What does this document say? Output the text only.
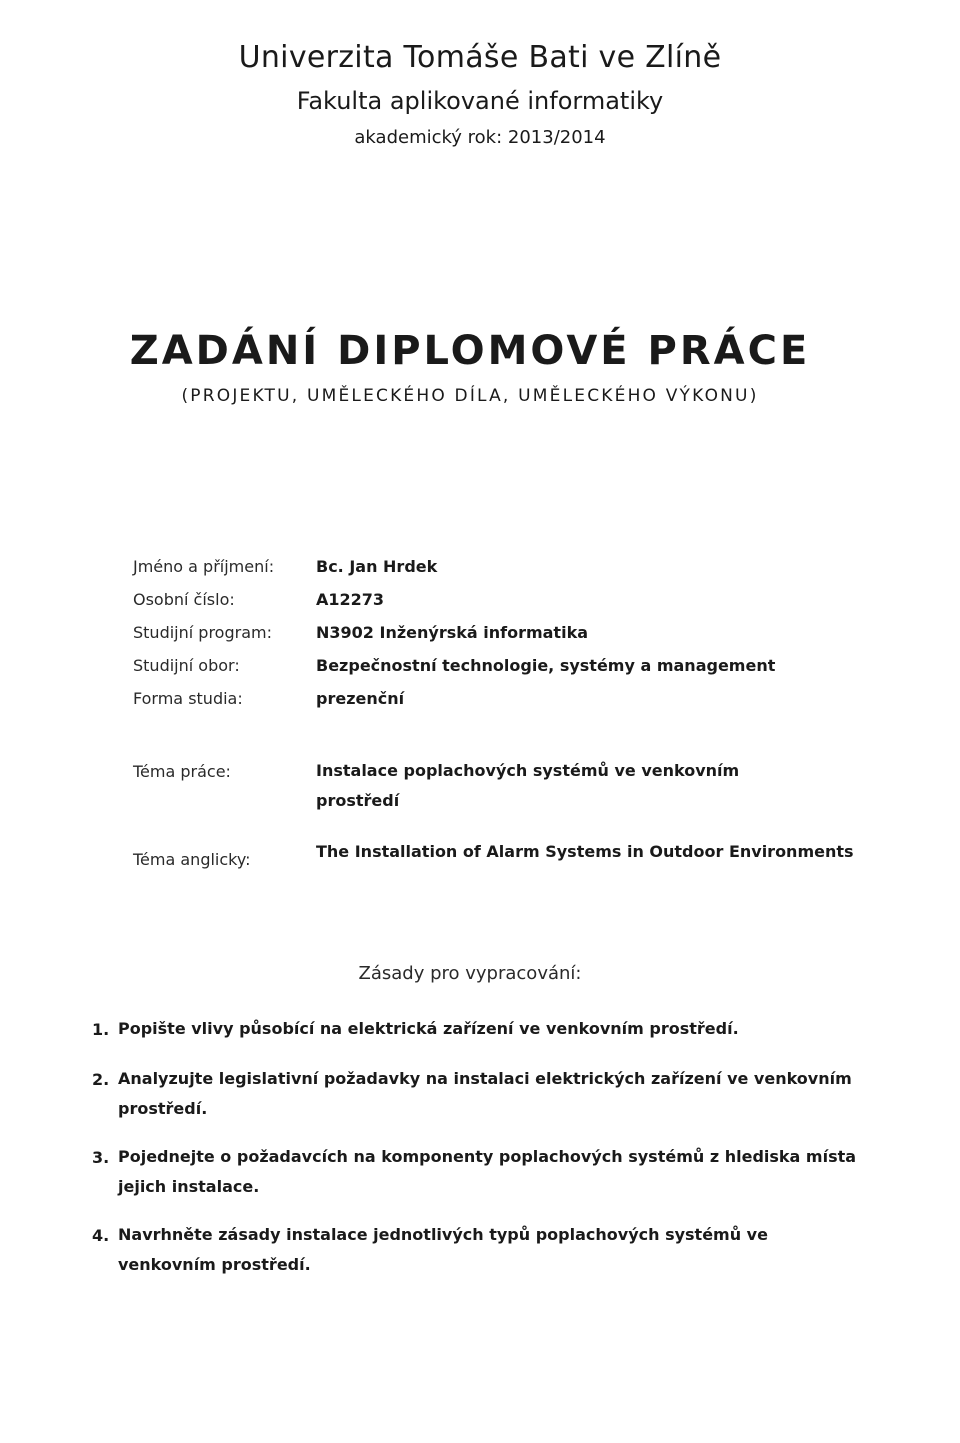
Univerzita Tomáše Bati ve Zlíně
Fakulta aplikované informatiky
akademický rok: 2013/2014
ZADÁNÍ DIPLOMOVÉ PRÁCE
(PROJEKTU, UMĚLECKÉHO DÍLA, UMĚLECKÉHO VÝKONU)
Jméno a příjmení:	Bc. Jan Hrdek
Osobní číslo:	A12273
Studijní program:	N3902 Inženýrská informatika
Studijní obor:	Bezpečnostní technologie, systémy a management
Forma studia:	prezenční
Téma práce:	Instalace poplachových systémů ve venkovním prostředí
Téma anglicky:	The Installation of Alarm Systems in Outdoor Environments
Zásady pro vypracování:
1. Popište vlivy působící na elektrická zařízení ve venkovním prostředí.
2. Analyzujte legislativní požadavky na instalaci elektrických zařízení ve venkovním prostředí.
3. Pojednejte o požadavcích na komponenty poplachových systémů z hlediska místa jejich instalace.
4. Navrhněte zásady instalace jednotlivých typů poplachových systémů ve venkovním prostředí.
